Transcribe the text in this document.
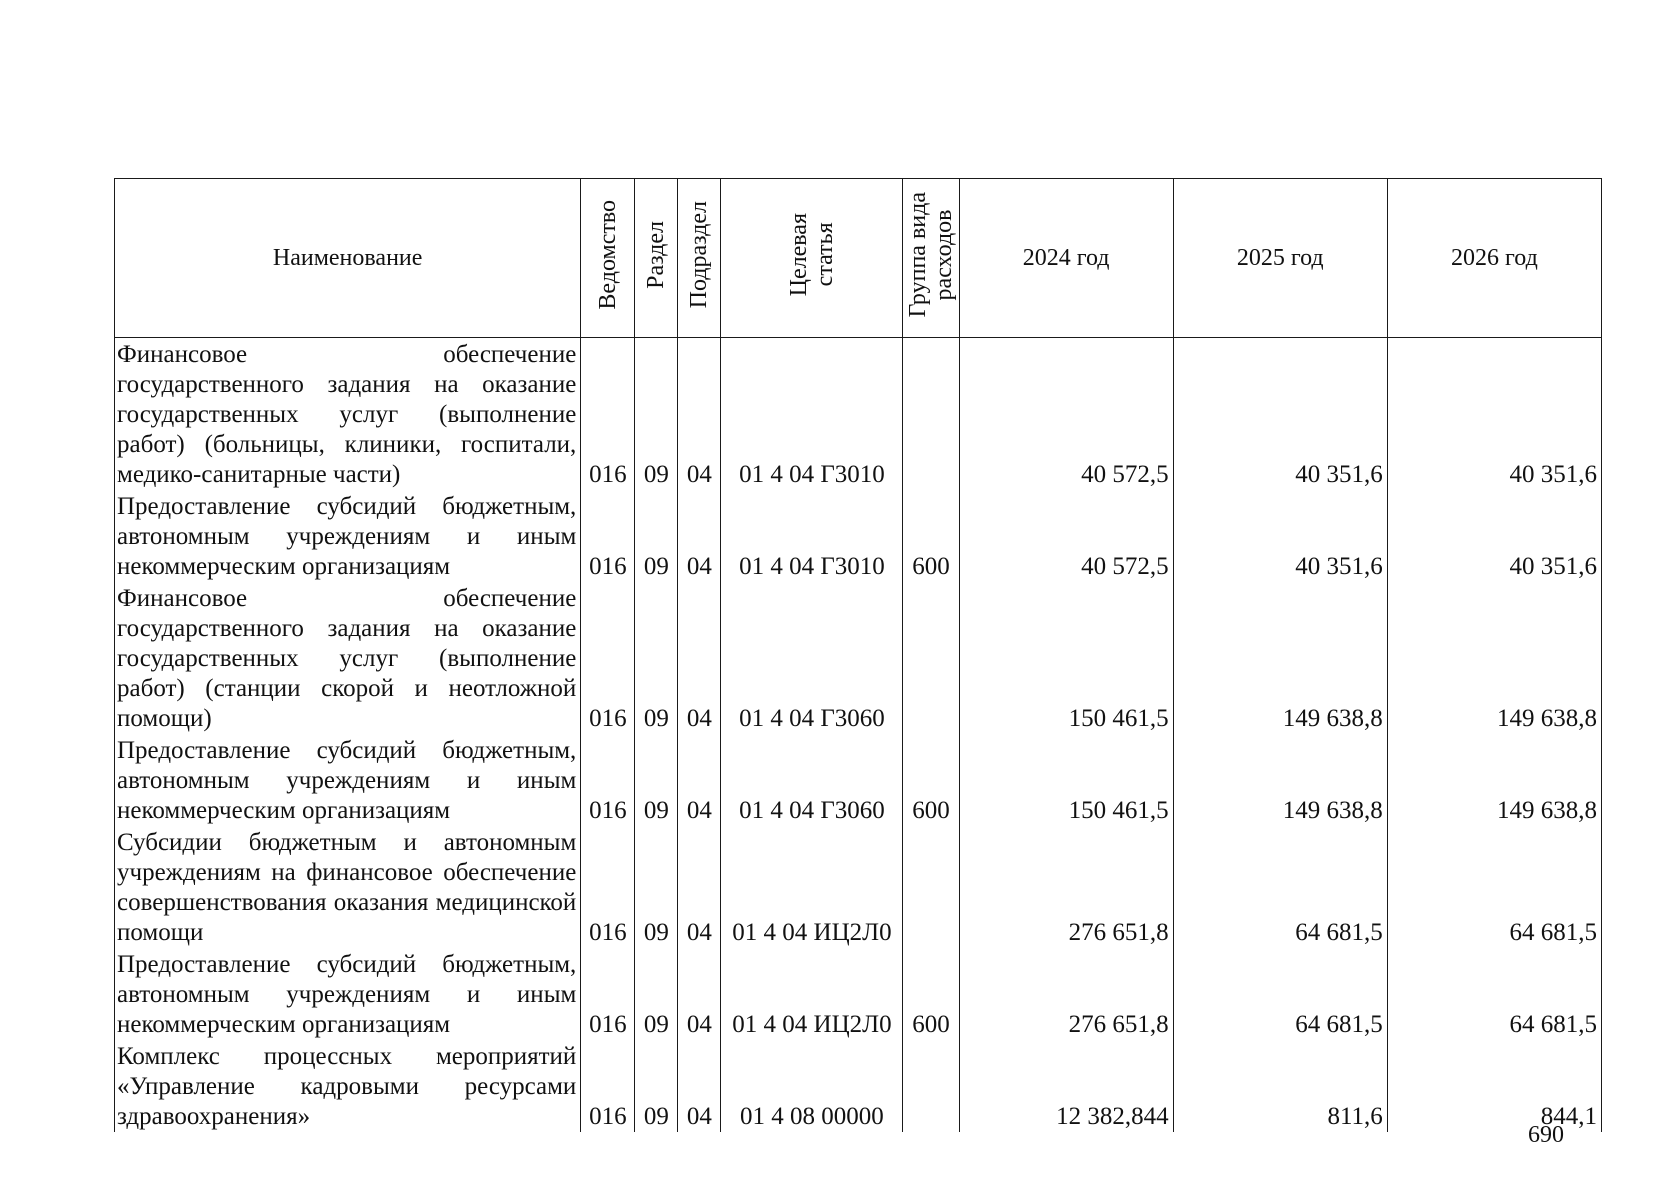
Наименование	Ведомство	Раздел	Подраздел	Целевая
статья	Группа вида
расходов	2024 год	2025 год	2026 год
Финансовое обеспечение государственного задания на оказание государственных услуг (выполнение работ) (больницы, клиники, госпитали, медико-санитарные части)	016	09	04	01 4 04 Г3010		40 572,5	40 351,6	40 351,6
Предоставление субсидий бюджетным, автономным учреждениям и иным некоммерческим организациям	016	09	04	01 4 04 Г3010	600	40 572,5	40 351,6	40 351,6
Финансовое обеспечение государственного задания на оказание государственных услуг (выполнение работ) (станции скорой и неотложной помощи)	016	09	04	01 4 04 Г3060		150 461,5	149 638,8	149 638,8
Предоставление субсидий бюджетным, автономным учреждениям и иным некоммерческим организациям	016	09	04	01 4 04 Г3060	600	150 461,5	149 638,8	149 638,8
Субсидии бюджетным и автономным учреждениям на финансовое обеспечение совершенствования оказания медицинской помощи	016	09	04	01 4 04 ИЦ2Л0		276 651,8	64 681,5	64 681,5
Предоставление субсидий бюджетным, автономным учреждениям и иным некоммерческим организациям	016	09	04	01 4 04 ИЦ2Л0	600	276 651,8	64 681,5	64 681,5
Комплекс процессных мероприятий «Управление кадровыми ресурсами здравоохранения»	016	09	04	01 4 08 00000		12 382,844	811,6	844,1
690
